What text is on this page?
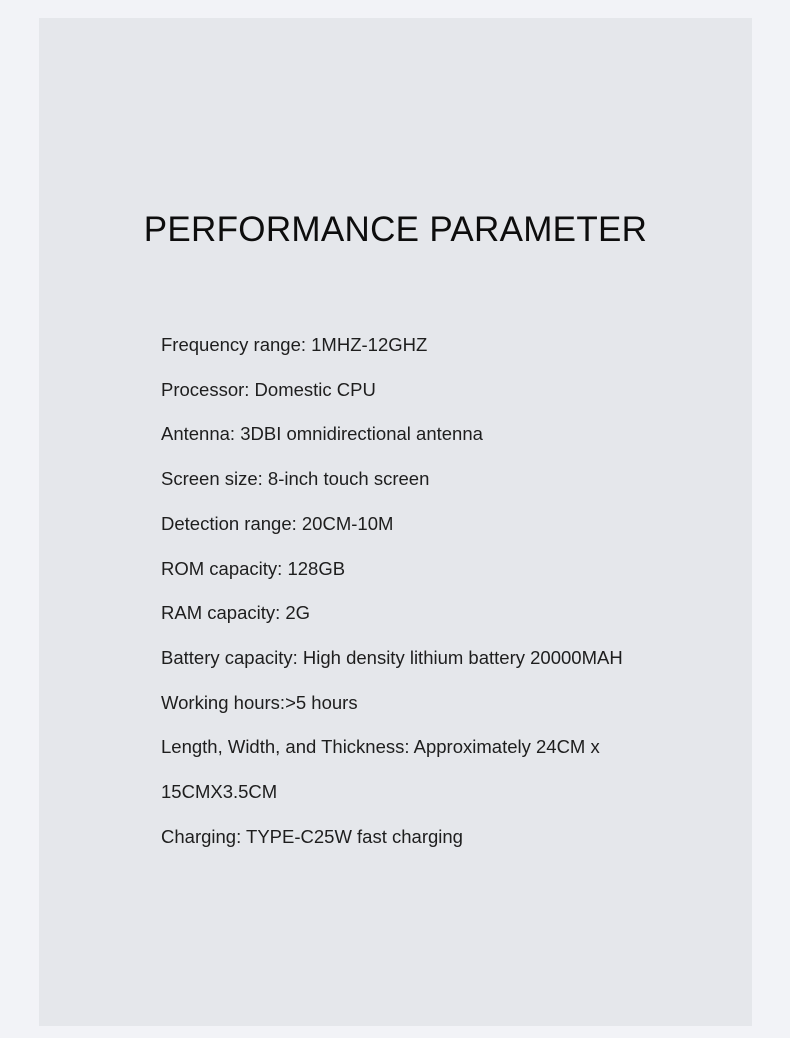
PERFORMANCE PARAMETER
Frequency range: 1MHZ-12GHZ
Processor: Domestic CPU
Antenna: 3DBI omnidirectional antenna
Screen size: 8-inch touch screen
Detection range: 20CM-10M
ROM capacity: 128GB
RAM capacity: 2G
Battery capacity: High density lithium battery 20000MAH
Working hours:>5 hours
Length, Width, and Thickness: Approximately 24CM x
15CMX3.5CM
Charging: TYPE-C25W fast charging
